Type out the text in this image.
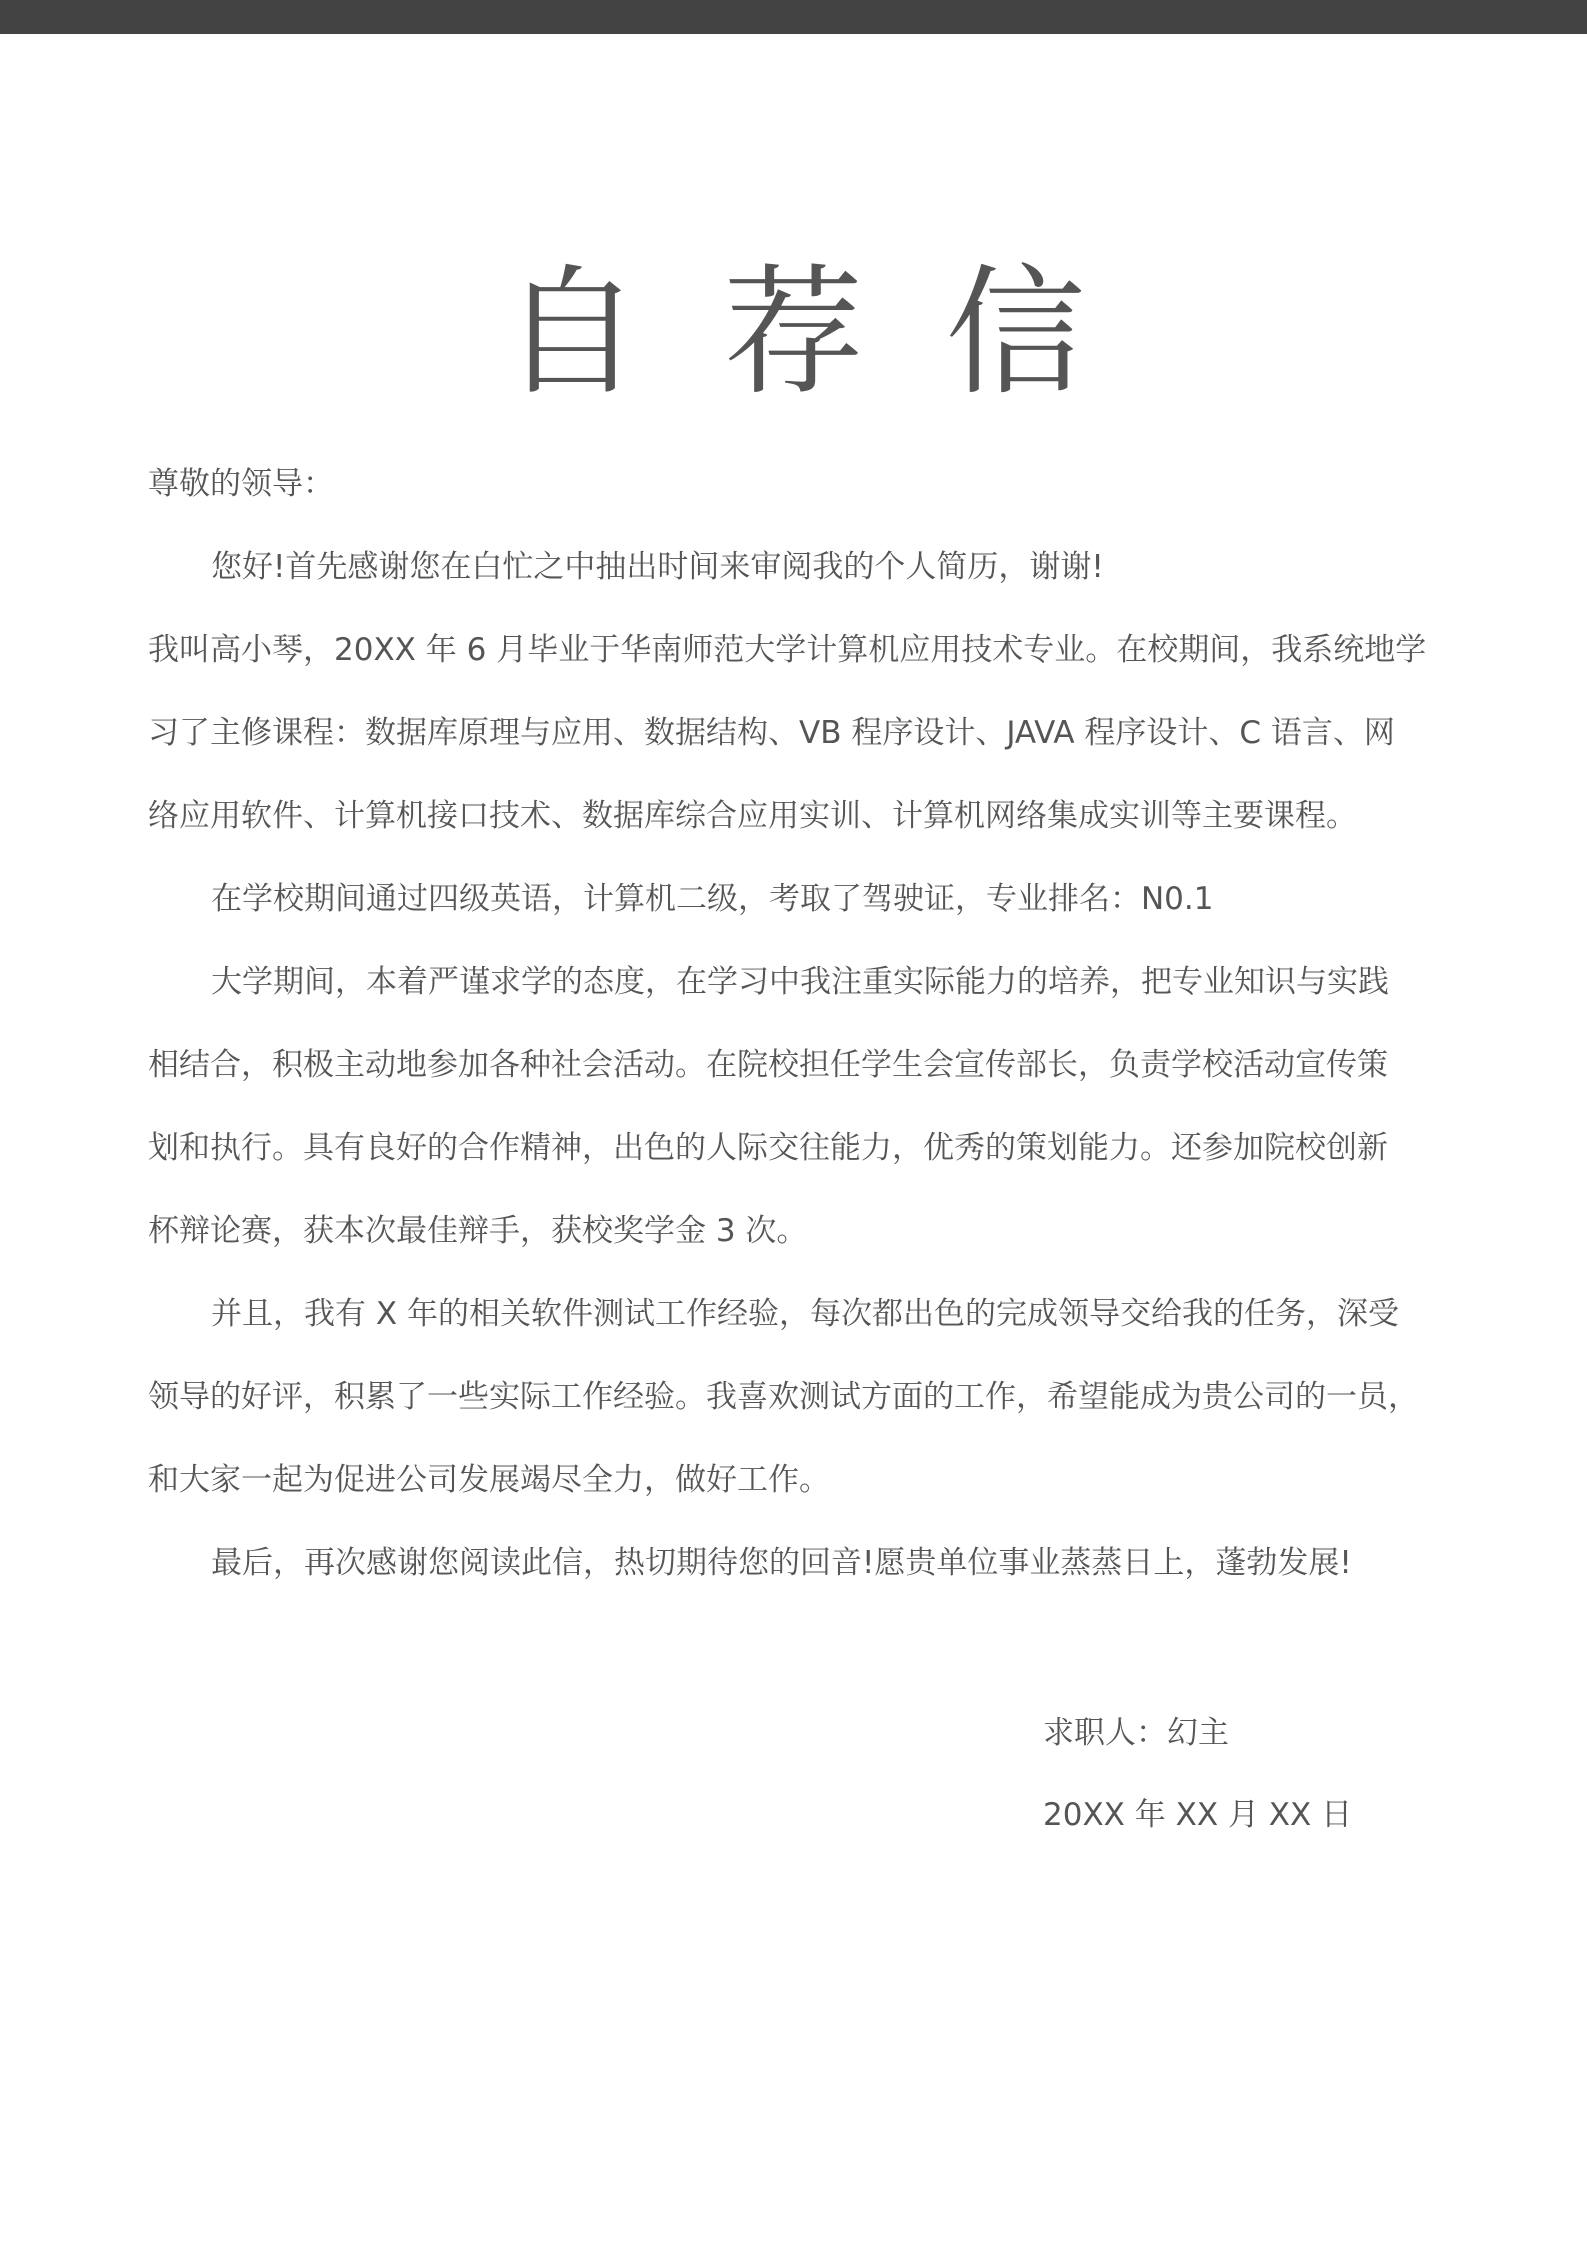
自荐信
尊敬的领导：
您好!首先感谢您在白忙之中抽出时间来审阅我的个人简历，谢谢!
我叫高小琴，20XX 年 6 月毕业于华南师范大学计算机应用技术专业。在校期间，我系统地学
习了主修课程：数据库原理与应用、数据结构、VB 程序设计、JAVA 程序设计、C 语言、网
络应用软件、计算机接口技术、数据库综合应用实训、计算机网络集成实训等主要课程。
在学校期间通过四级英语，计算机二级，考取了驾驶证，专业排名：N0.1
大学期间，本着严谨求学的态度，在学习中我注重实际能力的培养，把专业知识与实践
相结合，积极主动地参加各种社会活动。在院校担任学生会宣传部长，负责学校活动宣传策
划和执行。具有良好的合作精神，出色的人际交往能力，优秀的策划能力。还参加院校创新
杯辩论赛，获本次最佳辩手，获校奖学金 3 次。
并且，我有 X 年的相关软件测试工作经验，每次都出色的完成领导交给我的任务，深受
领导的好评，积累了一些实际工作经验。我喜欢测试方面的工作，希望能成为贵公司的一员，
和大家一起为促进公司发展竭尽全力，做好工作。
最后，再次感谢您阅读此信，热切期待您的回音!愿贵单位事业蒸蒸日上，蓬勃发展!
求职人：幻主
20XX 年 XX 月 XX 日
